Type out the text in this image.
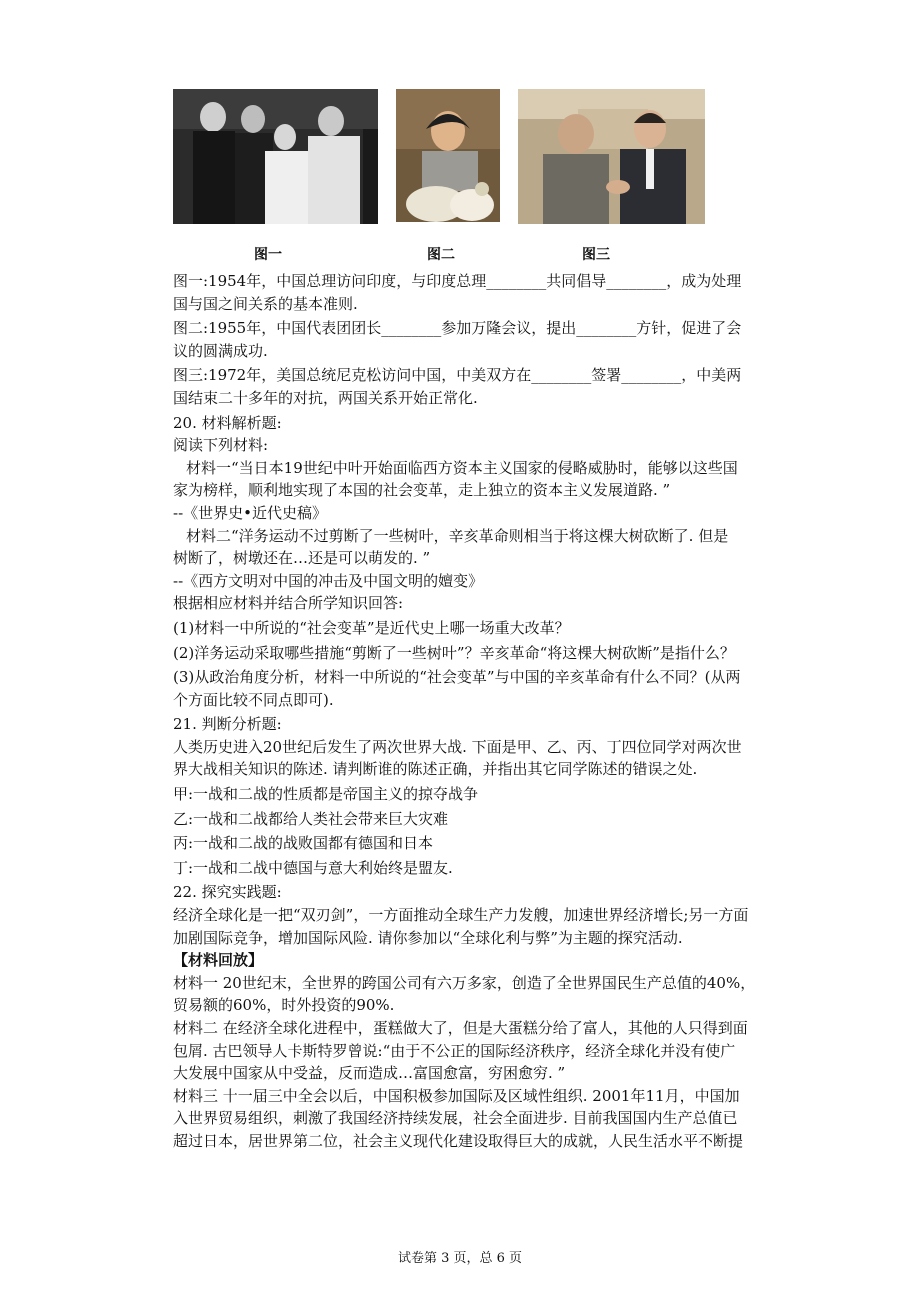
图一	图二	图三
图一:1954年，中国总理访问印度，与印度总理________共同倡导________，成为处理
国与国之间关系的基本准则.
图二:1955年，中国代表团团长________参加万隆会议，提出________方针，促进了会
议的圆满成功.
图三:1972年，美国总统尼克松访问中国，中美双方在________签署________，中美两
国结束二十多年的对抗，两国关系开始正常化.
20. 材料解析题:
阅读下列材料:
材料一“当日本19世纪中叶开始面临西方资本主义国家的侵略威胁时，能够以这些国
家为榜样，顺利地实现了本国的社会变革，走上独立的资本主义发展道路. ”
--《世界史•近代史稿》
材料二“洋务运动不过剪断了一些树叶，辛亥革命则相当于将这棵大树砍断了. 但是
树断了，树墩还在…还是可以萌发的. ”
--《西方文明对中国的冲击及中国文明的嬗变》
根据相应材料并结合所学知识回答:
(1)材料一中所说的“社会变革”是近代史上哪一场重大改革？
(2)洋务运动采取哪些措施“剪断了一些树叶”？辛亥革命“将这棵大树砍断”是指什么？
(3)从政治角度分析，材料一中所说的“社会变革”与中国的辛亥革命有什么不同？(从两
个方面比较不同点即可).
21. 判断分析题:
人类历史进入20世纪后发生了两次世界大战. 下面是甲、乙、丙、丁四位同学对两次世
界大战相关知识的陈述. 请判断谁的陈述正确，并指出其它同学陈述的错误之处.
甲:一战和二战的性质都是帝国主义的掠夺战争
乙:一战和二战都给人类社会带来巨大灾难
丙:一战和二战的战败国都有德国和日本
丁:一战和二战中德国与意大利始终是盟友.
22. 探究实践题:
经济全球化是一把“双刃剑”，一方面推动全球生产力发艘，加速世界经济增长;另一方面
加剧国际竞争，增加国际风险. 请你参加以“全球化利与弊”为主题的探究活动.
【材料回放】
材料一 20世纪末，全世界的跨国公司有六万多家，创造了全世界国民生产总值的40%，
贸易额的60%，时外投资的90%.
材料二 在经济全球化进程中，蛋糕做大了，但是大蛋糕分给了富人，其他的人只得到面
包屑. 古巴领导人卡斯特罗曾说:“由于不公正的国际经济秩序，经济全球化并没有使广
大发展中国家从中受益，反而造成…富国愈富，穷困愈穷. ”
材料三 十一届三中全会以后，中国积极参加国际及区域性组织. 2001年11月，中国加
入世界贸易组织，刺激了我国经济持续发展，社会全面进步. 目前我国国内生产总值已
超过日本，居世界第二位，社会主义现代化建设取得巨大的成就，人民生活水平不断提
试卷第 3 页，总 6 页
